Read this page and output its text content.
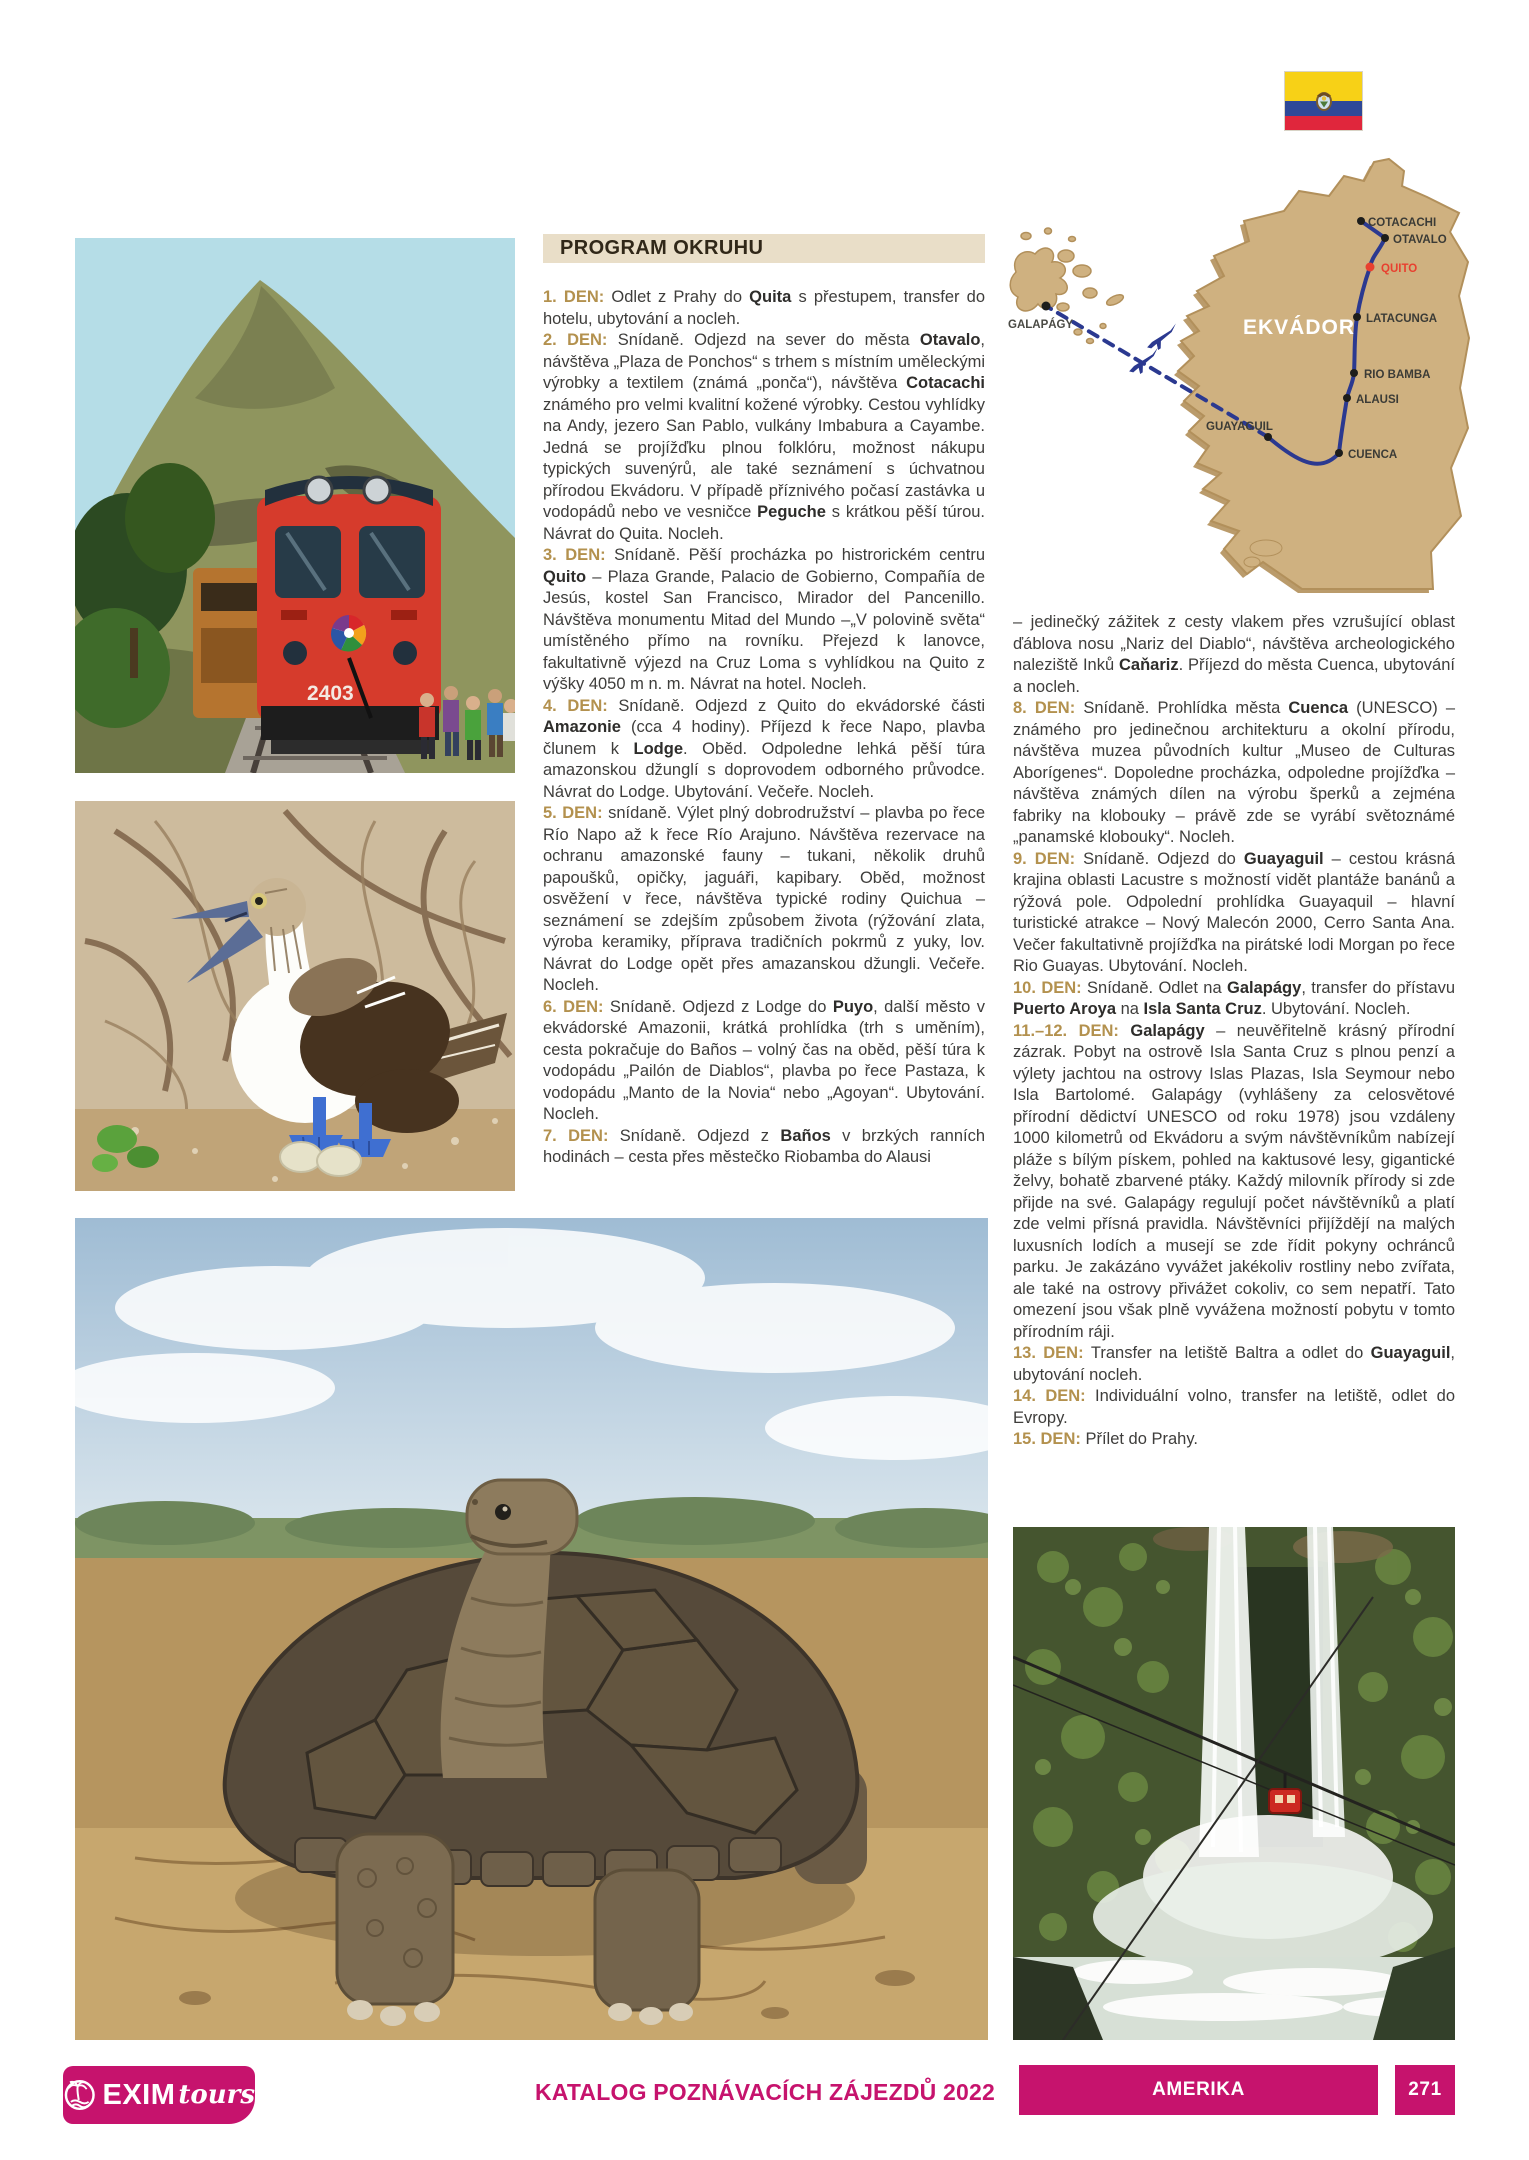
2403
COTACACHI
OTAVALO
QUITO
LATACUNGA
RIO BAMBA
ALAUSI
GUAYAGUIL
CUENCA
GALAPÁGY	EKVÁDOR
PROGRAM OKRUHU

1. DEN: Odlet z Prahy do Quita s přestupem, transfer do hotelu, ubytování a nocleh.

2. DEN: Snídaně. Odjezd na sever do města Otavalo, návštěva „Plaza de Ponchos“ s trhem s místním uměleckými výrobky a textilem (známá „ponča“), návštěva Cotacachi známého pro velmi kvalitní kožené výrobky. Cestou vyhlídky na Andy, jezero San Pablo, vulkány Imbabura a Cayambe. Jedná se projížďku plnou folklóru, možnost nákupu typických suvenýrů, ale také seznámení s úchvatnou přírodou Ekvádoru. V případě příznivého počasí zastávka u vodopádů nebo ve vesničce Peguche s krátkou pěší túrou. Návrat do Quita. Nocleh.

3. DEN: Snídaně. Pěší procházka po histrorickém centru Quito – Plaza Grande, Palacio de Gobierno, Compañía de Jesús, kostel San Francisco, Mirador del Pancenillo. Návštěva monumentu Mitad del Mundo –„V polovině světa“ umístěného přímo na rovníku. Přejezd k lanovce, fakultativně výjezd na Cruz Loma s vyhlídkou na Quito z výšky 4050 m n. m. Návrat na hotel. Nocleh.

4. DEN: Snídaně. Odjezd z Quito do ekvádorské části Amazonie (cca 4 hodiny). Příjezd k řece Napo, plavba člunem k Lodge. Oběd. Odpoledne lehká pěší túra amazonskou džunglí s doprovodem odborného průvodce. Návrat do Lodge. Ubytování. Večeře. Nocleh.

5. DEN: snídaně. Výlet plný dobrodružství – plavba po řece Río Napo až k řece Río Arajuno. Návštěva rezervace na ochranu amazonské fauny – tukani, několik druhů papoušků, opičky, jaguáři, kapibary. Oběd, možnost osvěžení v řece, návštěva typické rodiny Quichua – seznámení se zdejším způsobem života (rýžování zlata, výroba keramiky, příprava tradičních pokrmů z yuky, lov. Návrat do Lodge opět přes amazanskou džungli. Večeře. Nocleh.

6. DEN: Snídaně. Odjezd z Lodge do Puyo, další město v ekvádorské Amazonii, krátká prohlídka (trh s uměním), cesta pokračuje do Baños – volný čas na oběd, pěší túra k vodopádu „Pailón de Diablos“, plavba po řece Pastaza, k vodopádu „Manto de la Novia“ nebo „Agoyan“. Ubytování. Nocleh.

7. DEN: Snídaně. Odjezd z Baños v brzkých ranních hodinách – cesta přes městečko Riobamba do Alausi

– jedinečký zážitek z cesty vlakem přes vzrušující oblast ďáblova nosu „Nariz del Diablo“, návštěva archeologického naleziště Inků Caňariz. Příjezd do města Cuenca, ubytování a nocleh.

8. DEN: Snídaně. Prohlídka města Cuenca (UNESCO) – známého pro jedinečnou architekturu a okolní přírodu, návštěva muzea původních kultur „Museo de Culturas Aborígenes“. Dopoledne procházka, odpoledne projížďka – návštěva známých dílen na výrobu šperků a zejména fabriky na klobouky – právě zde se vyrábí světoznámé „panamské klobouky“. Nocleh.

9. DEN: Snídaně. Odjezd do Guayaguil – cestou krásná krajina oblasti Lacustre s možností vidět plantáže banánů a rýžová pole. Odpolední prohlídka Guayaquil – hlavní turistické atrakce – Nový Malecón 2000, Cerro Santa Ana. Večer fakultativně projížďka na pirátské lodi Morgan po řece Rio Guayas. Ubytování. Nocleh.

10. DEN: Snídaně. Odlet na Galapágy, transfer do přístavu Puerto Aroya na Isla Santa Cruz. Ubytování. Nocleh.

11.–12. DEN: Galapágy – neuvěřitelně krásný přírodní zázrak. Pobyt na ostrově Isla Santa Cruz s plnou penzí a výlety jachtou na ostrovy Islas Plazas, Isla Seymour nebo Isla Bartolomé. Galapágy (vyhlášeny za celosvětové přírodní dědictví UNESCO od roku 1978) jsou vzdáleny 1000 kilometrů od Ekvádoru a svým návštěvníkům nabízejí pláže s bílým pískem, pohled na kaktusové lesy, gigantické želvy, bohatě zbarvené ptáky. Každý milovník přírody si zde přijde na své. Galapágy regulují počet návštěvníků a platí zde velmi přísná pravidla. Návštěvníci přijíždějí na malých luxusních lodích a musejí se zde řídit pokyny ochránců parku. Je zakázáno vyvážet jakékoliv rostliny nebo zvířata, ale také na ostrovy přivážet cokoliv, co sem nepatří. Tato omezení jsou však plně vyvážena možností pobytu v tomto přírodním ráji.

13. DEN: Transfer na letiště Baltra a odlet do Guayaguil, ubytování nocleh.

14. DEN: Individuální volno, transfer na letiště, odlet do Evropy.

15. DEN: Přílet do Prahy.

EXIM tours	KATALOG POZNÁVACÍCH ZÁJEZDŮ 2022	AMERIKA	271
